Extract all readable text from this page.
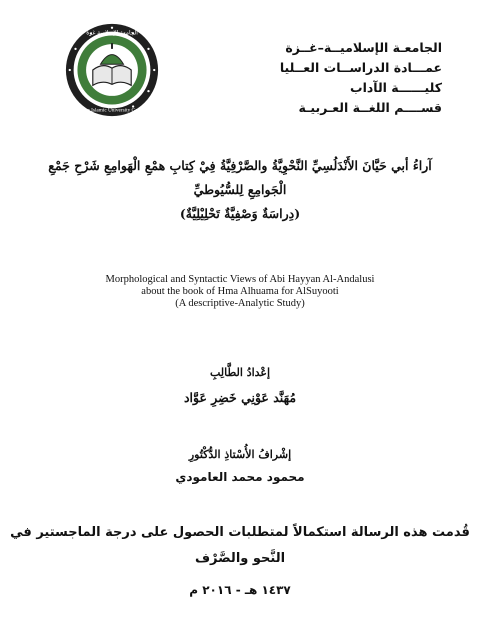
الجامعـة الإسلاميــة–غــزة
عمـــادة الدراســات العــليا
كليــــــة الآداب
قســــم اللغــة العـربيـة
The Islamic University Gaza
الجامعة الإسلامية غزة
آراءُ أبي حَيَّانَ الأَنْدَلُسِيِّ النَّحْوِيَّةُ والصَّرْفِيَّةُ فِيْ كِتابِ همْعِ الْهَوامِعِ شَرْحِ جَمْعِ
الْجَوامِعِ لِلسُّيُوطيِّ
(دِراسَةٌ وَصْفِيَّةٌ تَحْلِيْلِيَّةٌ)
Morphological and Syntactic Views of Abi Hayyan Al-Andalusi
about the book of Hma Alhuama for AlSuyooti
(A descriptive-Analytic Study)
إعْدادُ الطَّالِبِ
مُهَنَّد عَوْنِي خَضِرِ عَوَّاد
إشْرافُ الأُسْتاذِ الدُّكْتُورِ
محمود محمد العامودي
قُدمت هذه الرسالة استكمالاً لمتطلبات الحصول على درجة الماجستير في
النَّحو والصَّرْف
١٤٣٧ هـ - ٢٠١٦ م
